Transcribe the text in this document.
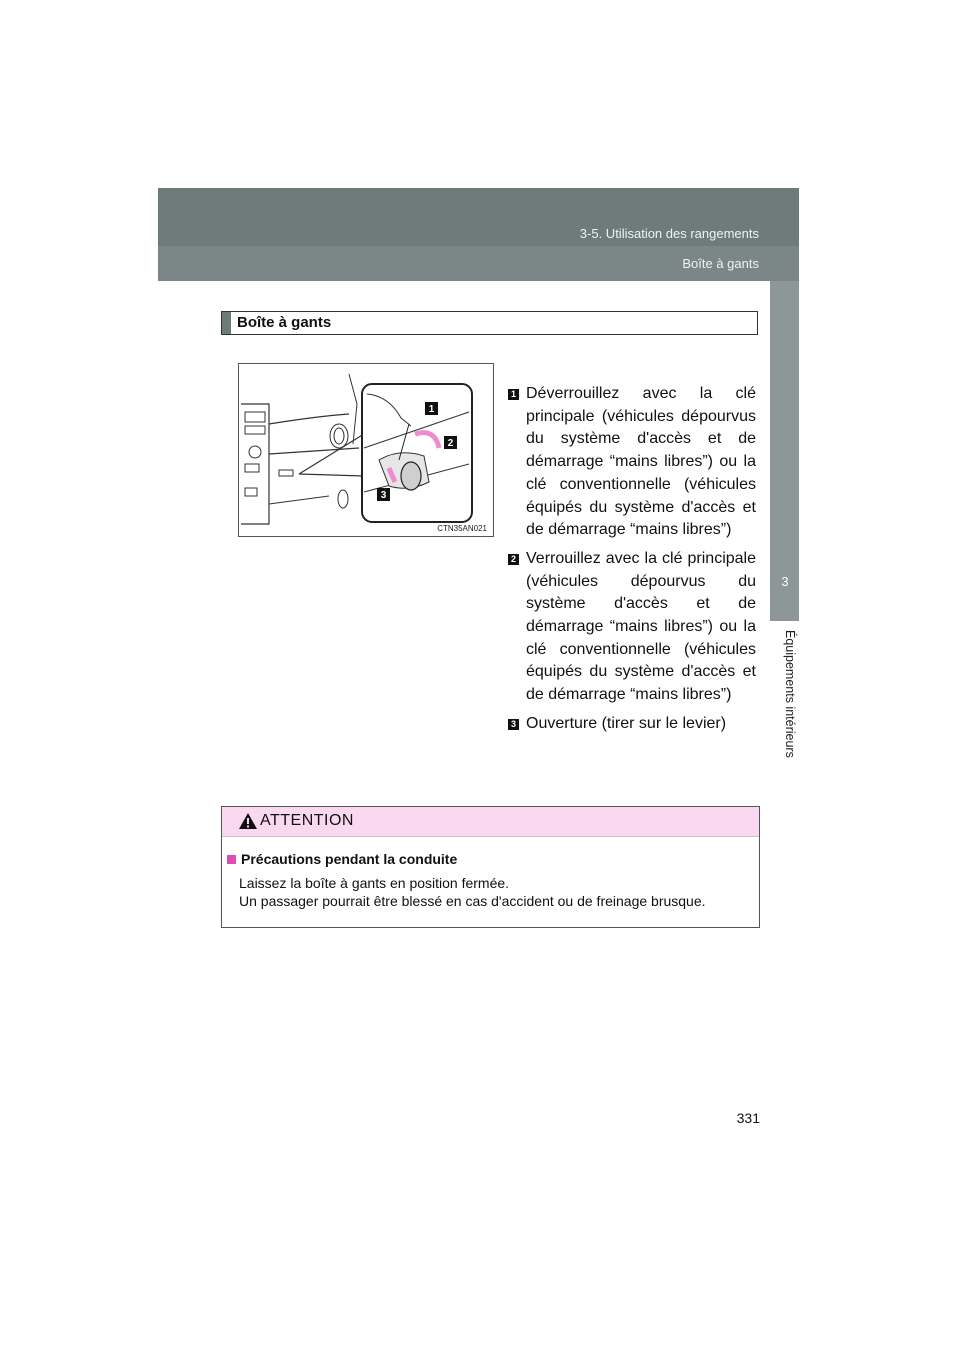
3-5. Utilisation des rangements
Boîte à gants
3
Équipements intérieurs
Boîte à gants
1
2
3
CTN35AN021
1 Déverrouillez avec la clé principale (véhicules dépourvus du système d'accès et de démarrage “mains libres”) ou la clé conventionnelle (véhicules équipés du système d'accès et de démarrage “mains libres”)
2 Verrouillez avec la clé principale (véhicules dépourvus du système d'accès et de démarrage “mains libres”) ou la clé conventionnelle (véhicules équipés du système d'accès et de démarrage “mains libres”)
3 Ouverture (tirer sur le levier)
ATTENTION
Précautions pendant la conduite
Laissez la boîte à gants en position fermée.
Un passager pourrait être blessé en cas d'accident ou de freinage brusque.
331
